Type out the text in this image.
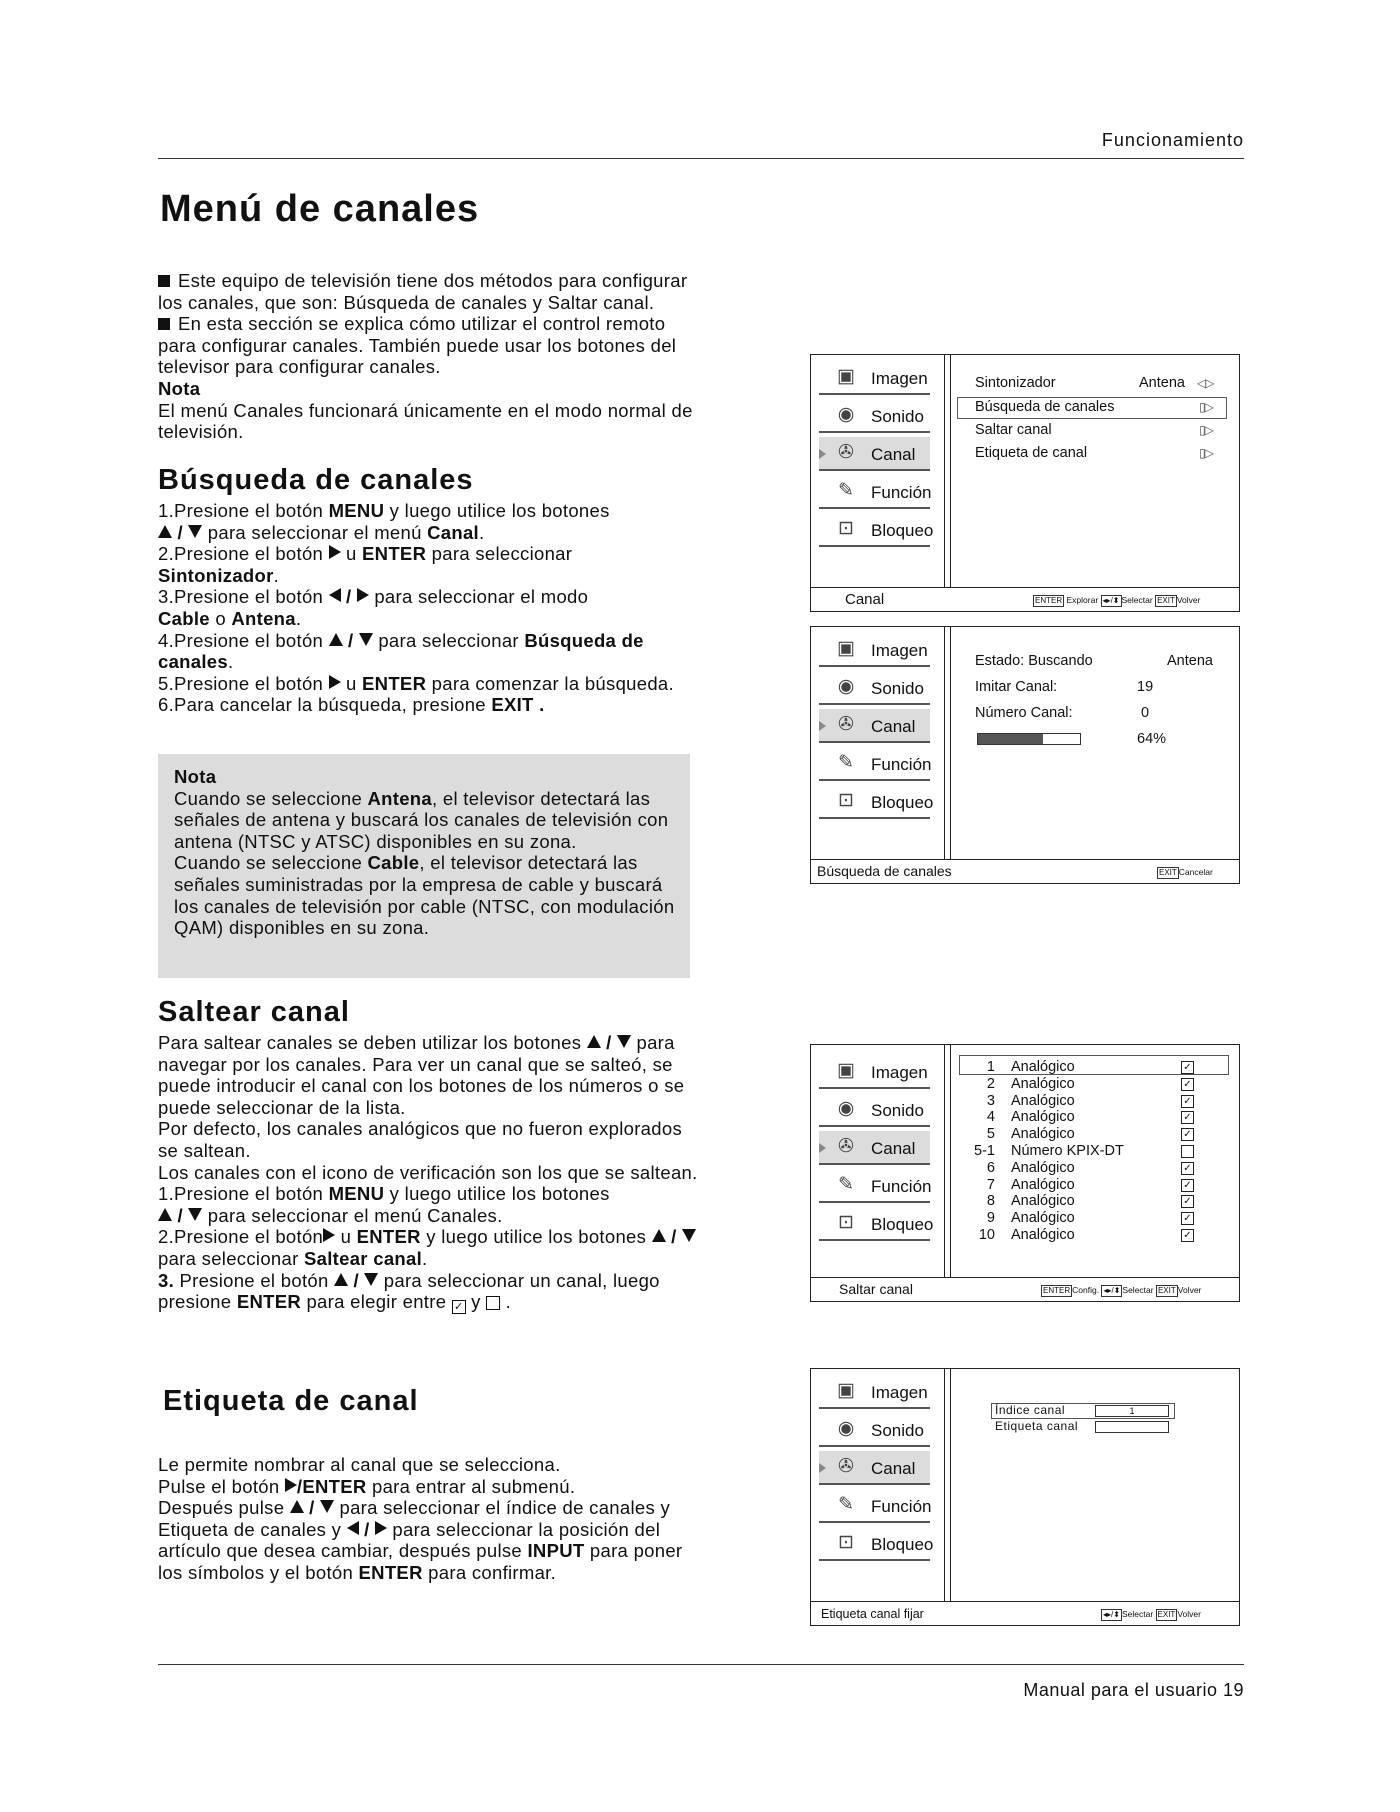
Funcionamiento
Menú de canales

Este equipo de televisión tiene dos métodos para configurar los canales, que son: Búsqueda de canales y Saltar canal.

En esta sección se explica cómo utilizar el control remoto para configurar canales. También puede usar los botones del televisor para configurar canales.

Nota

El menú Canales funcionará únicamente en el modo normal de televisión.

Búsqueda de canales

1.Presione el botón MENU y luego utilice los botones

/  para seleccionar el menú Canal.

2.Presione el botón  u ENTER para seleccionar

Sintonizador.

3.Presione el botón  /  para seleccionar el modo

Cable o Antena.

4.Presione el botón  /  para seleccionar Búsqueda de canales.

5.Presione el botón  u ENTER para comenzar la búsqueda.

6.Para cancelar la búsqueda, presione EXIT .

Nota

Cuando se seleccione Antena, el televisor detectará las señales de antena y buscará los canales de televisión con antena (NTSC y ATSC) disponibles en su zona.

Cuando se seleccione Cable, el televisor detectará las señales suministradas por la empresa de cable y buscará los canales de televisión por cable (NTSC, con modulación QAM) disponibles en su zona.

Saltear canal

Para saltear canales se deben utilizar los botones  /  para navegar por los canales. Para ver un canal que se salteó, se puede introducir el canal con los botones de los números o se puede seleccionar de la lista.

Por defecto, los canales analógicos que no fueron explorados se saltean.

Los canales con el icono de verificación son los que se saltean.

1.Presione el botón MENU y luego utilice los botones

/  para seleccionar el menú Canales.

2.Presione el botón u ENTER y luego utilice los botones  /  para seleccionar Saltear canal.

3. Presione el botón  /  para seleccionar un canal, luego presione ENTER para elegir entre ✓ y  .

Etiqueta de canal

Le permite nombrar al canal que se selecciona.

Pulse el botón /ENTER para entrar al submenú.

Después pulse  /  para seleccionar el índice de canales y Etiqueta de canales y  /  para seleccionar la posición del artículo que desea cambiar, después pulse INPUT para poner los símbolos y el botón ENTER para confirmar.

▣ Imagen
◉ Sonido
✇ Canal
✎ Función
⊡ Bloqueo
Sintonizador	Antena ◁▷
Búsqueda de canales	▯▷
Saltar canal	▯▷
Etiqueta de canal	▯▷
Canal	ENTER Explorar ◂▸/⬍ Selectar EXIT Volver
▣ Imagen
◉ Sonido
✇ Canal
✎ Función
⊡ Bloqueo
Estado: Buscando	Antena
Imitar Canal:	19
Número Canal:	0
64%
Búsqueda de canales	EXIT Cancelar
▣ Imagen
◉ Sonido
✇ Canal
✎ Función
⊡ Bloqueo
1 Analógico	✓
2 Analógico	✓
3 Analógico	✓
4 Analógico	✓
5 Analógico	✓
5-1 Número KPIX-DT
6 Analógico	✓
7 Analógico	✓
8 Analógico	✓
9 Analógico	✓
10 Analógico	✓
Saltar canal	ENTER Config. ◂▸/⬍ Selectar EXIT Volver
▣ Imagen
◉ Sonido
✇ Canal
✎ Función
⊡ Bloqueo
Índice canal	1
Etiqueta canal
Etiqueta canal fijar	◂▸/⬍ Selectar EXIT Volver
Manual para el usuario 19
